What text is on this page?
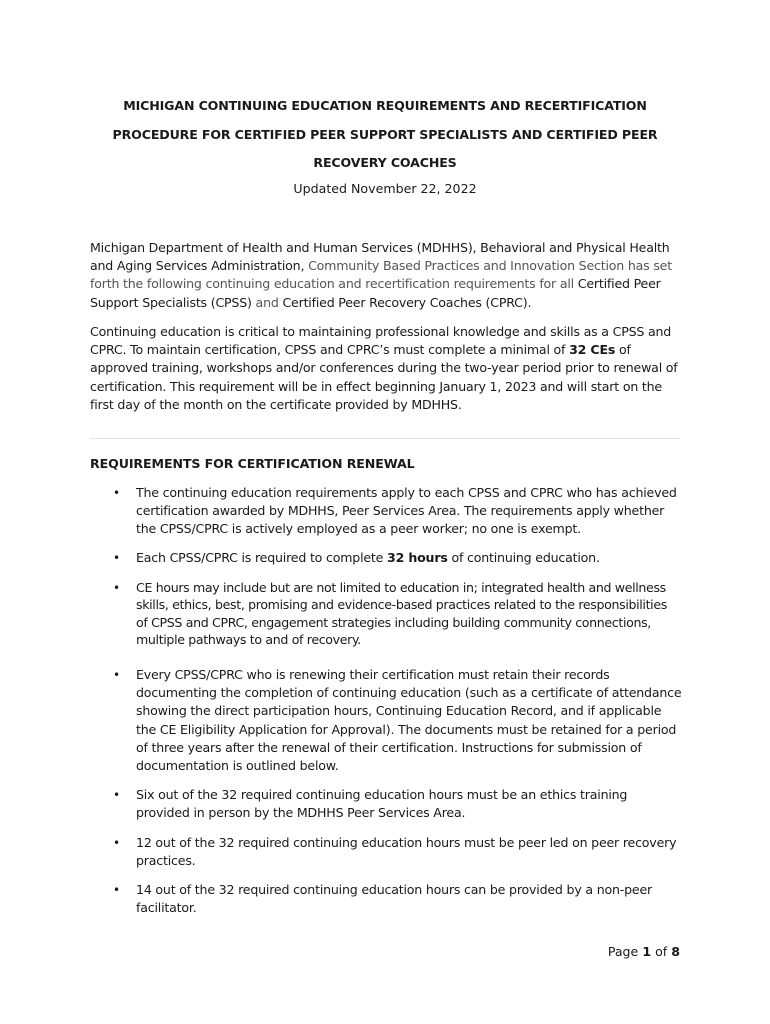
MICHIGAN CONTINUING EDUCATION REQUIREMENTS AND RECERTIFICATION
PROCEDURE FOR CERTIFIED PEER SUPPORT SPECIALISTS AND CERTIFIED PEER
RECOVERY COACHES
Updated November 22, 2022
Michigan Department of Health and Human Services (MDHHS), Behavioral and Physical Health
and Aging Services Administration, Community Based Practices and Innovation Section has set
forth the following continuing education and recertification requirements for all Certified Peer
Support Specialists (CPSS) and Certified Peer Recovery Coaches (CPRC).
Continuing education is critical to maintaining professional knowledge and skills as a CPSS and
CPRC. To maintain certification, CPSS and CPRC’s must complete a minimal of 32 CEs of
approved training, workshops and/or conferences during the two-year period prior to renewal of
certification. This requirement will be in effect beginning January 1, 2023 and will start on the
first day of the month on the certificate provided by MDHHS.
REQUIREMENTS FOR CERTIFICATION RENEWAL
• The continuing education requirements apply to each CPSS and CPRC who has achieved
certification awarded by MDHHS, Peer Services Area. The requirements apply whether
the CPSS/CPRC is actively employed as a peer worker; no one is exempt.
• Each CPSS/CPRC is required to complete 32 hours of continuing education.
• CE hours may include but are not limited to education in; integrated health and wellness
skills, ethics, best, promising and evidence-based practices related to the responsibilities
of CPSS and CPRC, engagement strategies including building community connections,
multiple pathways to and of recovery.
• Every CPSS/CPRC who is renewing their certification must retain their records
documenting the completion of continuing education (such as a certificate of attendance
showing the direct participation hours, Continuing Education Record, and if applicable
the CE Eligibility Application for Approval). The documents must be retained for a period
of three years after the renewal of their certification. Instructions for submission of
documentation is outlined below.
• Six out of the 32 required continuing education hours must be an ethics training
provided in person by the MDHHS Peer Services Area.
• 12 out of the 32 required continuing education hours must be peer led on peer recovery
practices.
• 14 out of the 32 required continuing education hours can be provided by a non-peer
facilitator.
Page 1 of 8
